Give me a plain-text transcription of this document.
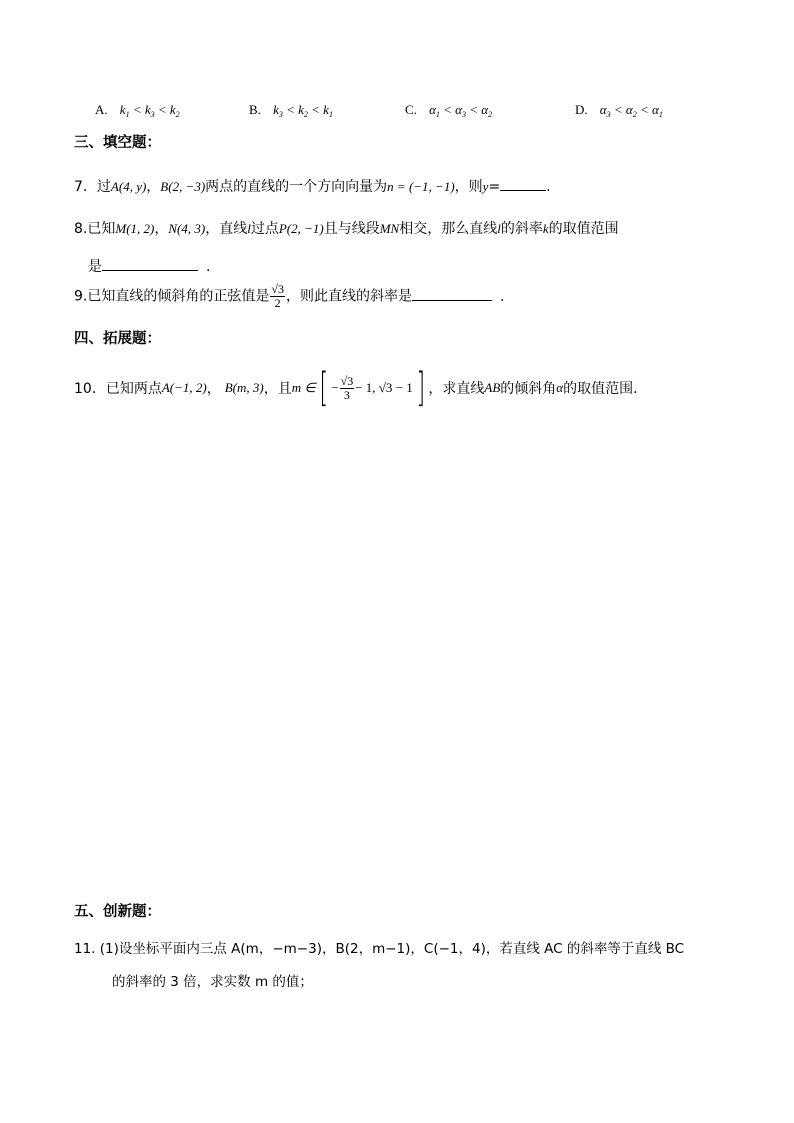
A. $k_1 < k_3 < k_2$	B. $k_3 < k_2 < k_1$	C. $\alpha_1 < \alpha_3 < \alpha_2$	D. $\alpha_3 < \alpha_2 < \alpha_1$
三、填空题：
7．过A(4, y)，B(2, −3)两点的直线的一个方向向量为n = (−1, −1)，则y=	.
8.已知M(1, 2)，N(4, 3)，直线l过点P(2, −1)且与线段MN相交，那么直线l的斜率k的取值范围
是	.
9.已知直线的倾斜角的正弦值是 $\frac{√3}{2}$ ，则此直线的斜率是	.
四、拓展题：
10．已知两点 A(−1, 2) ， B(m, 3) ，且 m ∈ [ − $\frac{√3}{3} - 1$, √3 − 1 ] ，求直线 AB 的倾斜角 α 的取值范围.
五、创新题：
11. (1)设坐标平面内三点 A(m，−m−3)，B(2，m−1)，C(−1，4)，若直线 AC 的斜率等于直线 BC
的斜率的 3 倍，求实数 m 的值；
